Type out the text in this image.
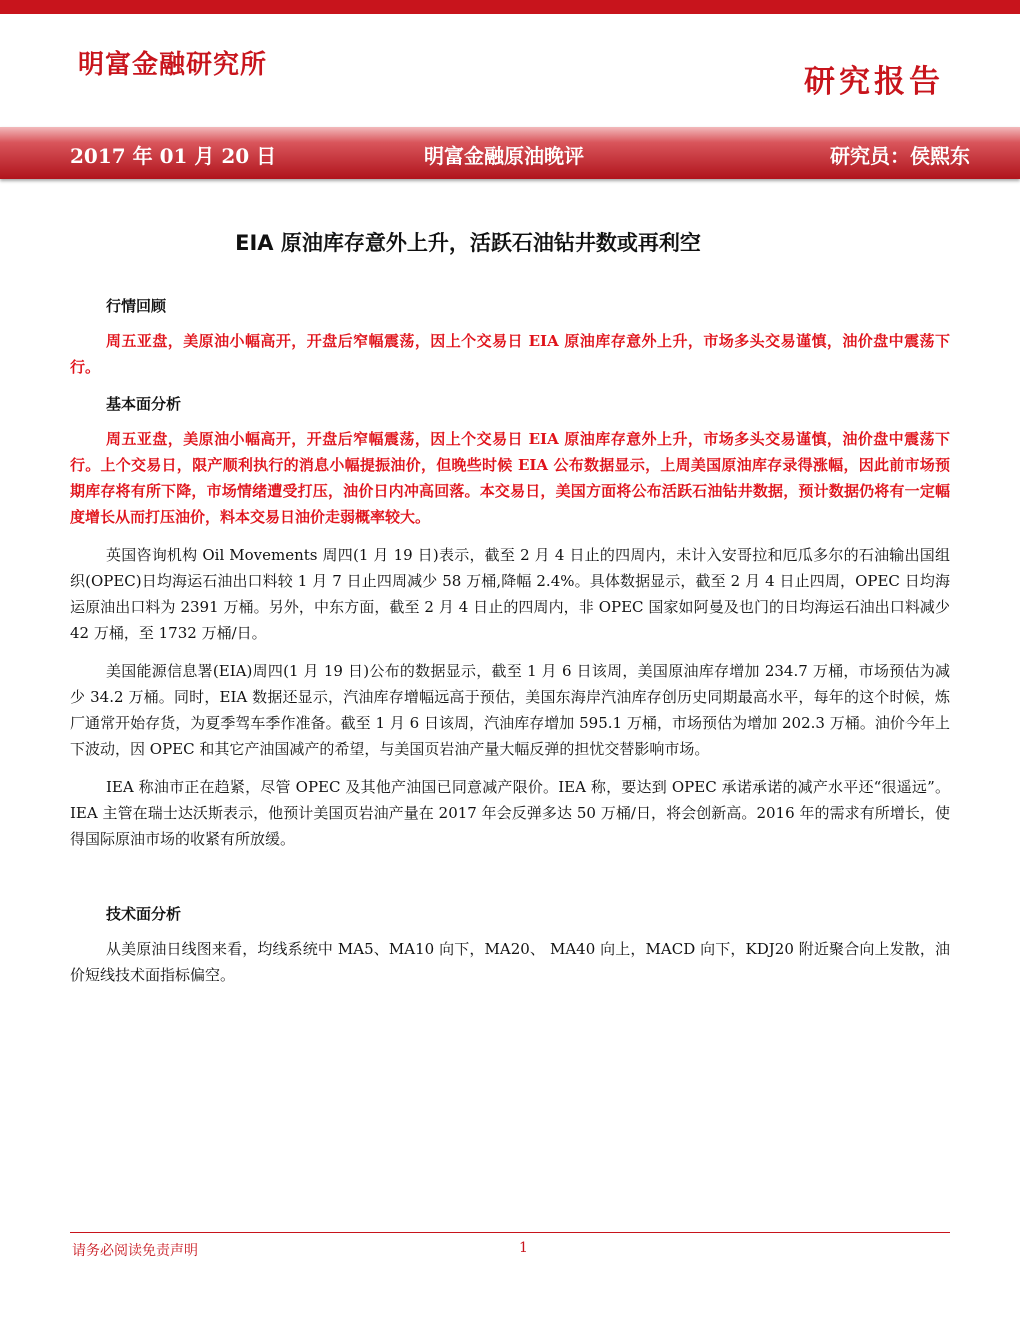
明富金融研究所	研究报告
2017 年 01 月 20 日	明富金融原油晚评	研究员：侯熙东
EIA 原油库存意外上升，活跃石油钻井数或再利空
行情回顾

周五亚盘，美原油小幅高开，开盘后窄幅震荡，因上个交易日 EIA 原油库存意外上升，市场多头交易谨慎，油价盘中震荡下行。

基本面分析

周五亚盘，美原油小幅高开，开盘后窄幅震荡，因上个交易日 EIA 原油库存意外上升，市场多头交易谨慎，油价盘中震荡下行。上个交易日，限产顺利执行的消息小幅提振油价，但晚些时候 EIA 公布数据显示，上周美国原油库存录得涨幅，因此前市场预期库存将有所下降，市场情绪遭受打压，油价日内冲高回落。本交易日，美国方面将公布活跃石油钻井数据，预计数据仍将有一定幅度增长从而打压油价，料本交易日油价走弱概率较大。

英国咨询机构 Oil Movements 周四(1 月 19 日)表示，截至 2 月 4 日止的四周内，未计入安哥拉和厄瓜多尔的石油输出国组织(OPEC)日均海运石油出口料较 1 月 7 日止四周减少 58 万桶,降幅 2.4%。具体数据显示，截至 2 月 4 日止四周，OPEC 日均海运原油出口料为 2391 万桶。另外，中东方面，截至 2 月 4 日止的四周内，非 OPEC 国家如阿曼及也门的日均海运石油出口料减少 42 万桶，至 1732 万桶/日。

美国能源信息署(EIA)周四(1 月 19 日)公布的数据显示，截至 1 月 6 日该周，美国原油库存增加 234.7 万桶，市场预估为减少 34.2 万桶。同时，EIA 数据还显示，汽油库存增幅远高于预估，美国东海岸汽油库存创历史同期最高水平，每年的这个时候，炼厂通常开始存货，为夏季驾车季作准备。截至 1 月 6 日该周，汽油库存增加 595.1 万桶，市场预估为增加 202.3 万桶。油价今年上下波动，因 OPEC 和其它产油国减产的希望，与美国页岩油产量大幅反弹的担忧交替影响市场。

IEA 称油市正在趋紧，尽管 OPEC 及其他产油国已同意减产限价。IEA 称，要达到 OPEC 承诺承诺的减产水平还“很遥远”。IEA 主管在瑞士达沃斯表示，他预计美国页岩油产量在 2017 年会反弹多达 50 万桶/日，将会创新高。2016 年的需求有所增长，使得国际原油市场的收紧有所放缓。

技术面分析

从美原油日线图来看，均线系统中 MA5、MA10 向下，MA20、 MA40 向上，MACD 向下，KDJ20 附近聚合向上发散，油价短线技术面指标偏空。

请务必阅读免责声明	1
